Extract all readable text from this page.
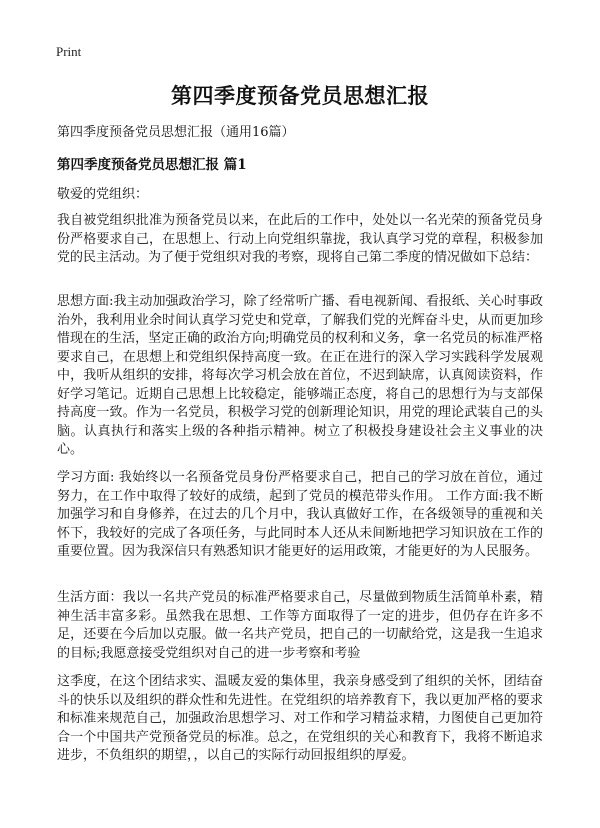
Print
第四季度预备党员思想汇报
第四季度预备党员思想汇报（通用16篇）
第四季度预备党员思想汇报 篇1
敬爱的党组织：
我自被党组织批准为预备党员以来，在此后的工作中，处处以一名光荣的预备党员身份严格要求自己，在思想上、行动上向党组织靠拢，我认真学习党的章程，积极参加党的民主活动。为了便于党组织对我的考察，现将自己第二季度的情况做如下总结：
思想方面:我主动加强政治学习，除了经常听广播、看电视新闻、看报纸、关心时事政治外，我利用业余时间认真学习党史和党章，了解我们党的光辉奋斗史，从而更加珍惜现在的生活，坚定正确的政治方向;明确党员的权利和义务，拿一名党员的标准严格要求自己，在思想上和党组织保持高度一致。在正在进行的深入学习实践科学发展观中，我听从组织的安排，将每次学习机会放在首位，不迟到缺席，认真阅读资料，作好学习笔记。近期自己思想上比较稳定，能够端正态度，将自己的思想行为与支部保持高度一致。作为一名党员，积极学习党的创新理论知识，用党的理论武装自己的头脑。认真执行和落实上级的各种指示精神。树立了积极投身建设社会主义事业的决心。
学习方面: 我始终以一名预备党员身份严格要求自己，把自己的学习放在首位，通过努力，在工作中取得了较好的成绩，起到了党员的模范带头作用。 工作方面:我不断加强学习和自身修养，在过去的几个月中，我认真做好工作，在各级领导的重视和关怀下，我较好的完成了各项任务，与此同时本人还从未间断地把学习知识放在工作的重要位置。因为我深信只有熟悉知识才能更好的运用政策，才能更好的为人民服务。
生活方面：我以一名共产党员的标准严格要求自己，尽量做到物质生活简单朴素，精神生活丰富多彩。虽然我在思想、工作等方面取得了一定的进步，但仍存在许多不足，还要在今后加以克服。做一名共产党员，把自己的一切献给党，这是我一生追求的目标;我愿意接受党组织对自己的进一步考察和考验
这季度，在这个团结求实、温暖友爱的集体里，我亲身感受到了组织的关怀，团结奋斗的快乐以及组织的群众性和先进性。在党组织的培养教育下，我以更加严格的要求和标准来规范自己，加强政治思想学习、对工作和学习精益求精，力图使自己更加符合一个中国共产党预备党员的标准。总之，在党组织的关心和教育下，我将不断追求进步，不负组织的期望，，以自己的实际行动回报组织的厚爱。
